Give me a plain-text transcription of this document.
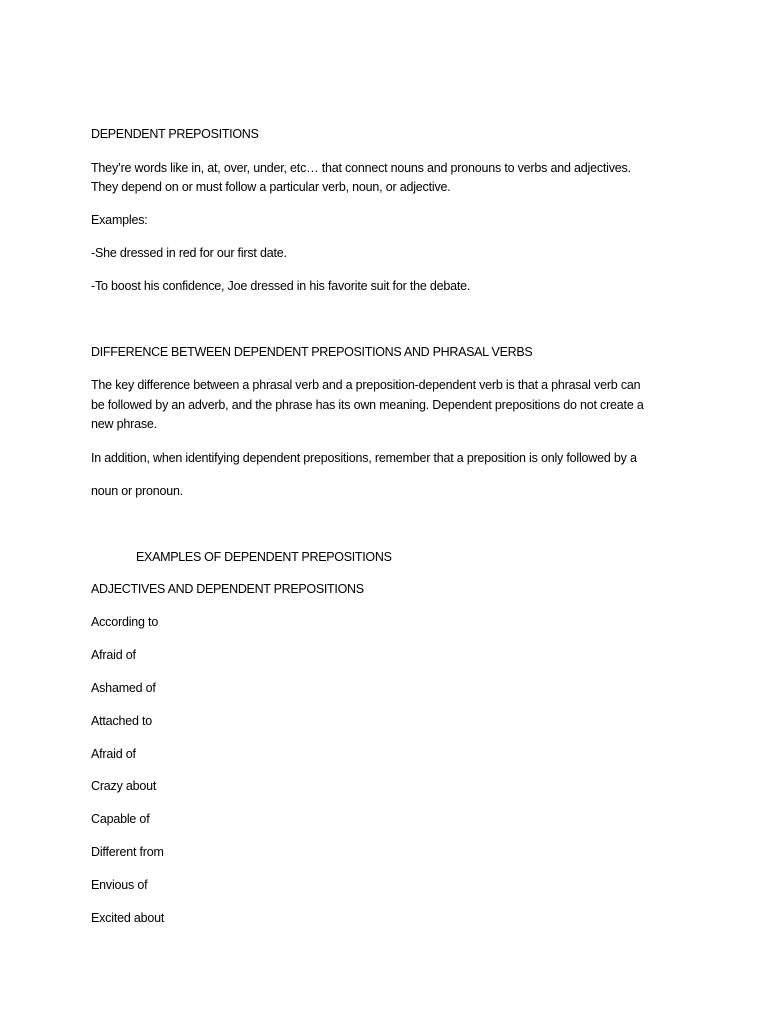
DEPENDENT PREPOSITIONS
They’re words like in, at, over, under, etc… that connect nouns and pronouns to verbs and adjectives.
They depend on or must follow a particular verb, noun, or adjective.
Examples:
-She dressed in red for our first date.
-To boost his confidence, Joe dressed in his favorite suit for the debate.
DIFFERENCE BETWEEN DEPENDENT PREPOSITIONS AND PHRASAL VERBS
The key difference between a phrasal verb and a preposition-dependent verb is that a phrasal verb can
be followed by an adverb, and the phrase has its own meaning. Dependent prepositions do not create a
new phrase.
In addition, when identifying dependent prepositions, remember that a preposition is only followed by a
noun or pronoun.
EXAMPLES OF DEPENDENT PREPOSITIONS
ADJECTIVES AND DEPENDENT PREPOSITIONS
According to
Afraid of
Ashamed of
Attached to
Afraid of
Crazy about
Capable of
Different from
Envious of
Excited about
